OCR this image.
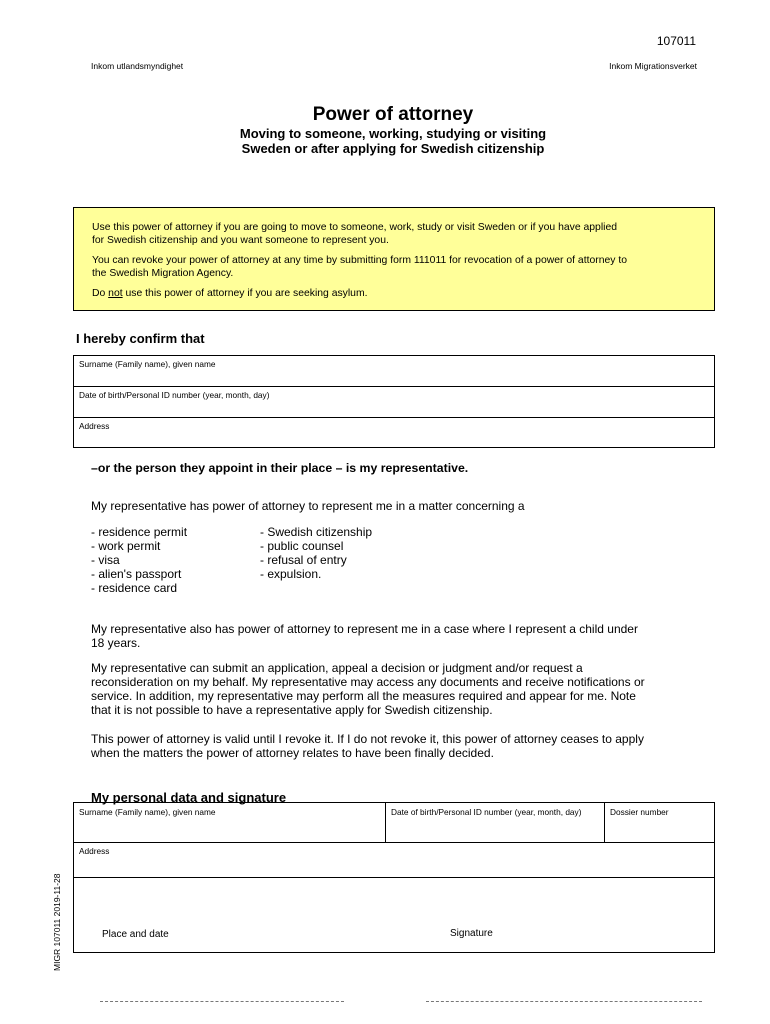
107011
Inkom utlandsmyndighet	Inkom Migrationsverket
Power of attorney
Moving to someone, working, studying or visiting
Sweden or after applying for Swedish citizenship

Use this power of attorney if you are going to move to someone, work, study or visit Sweden or if you have applied
for Swedish citizenship and you want someone to represent you.

You can revoke your power of attorney at any time by submitting form 111011 for revocation of a power of attorney to
the Swedish Migration Agency.

Do not use this power of attorney if you are seeking asylum.

I hereby confirm that
Surname (Family name), given name
Date of birth/Personal ID number (year, month, day)
Address
–or the person they appoint in their place – is my representative.
My representative has power of attorney to represent me in a matter concerning a
- residence permit
- work permit
- visa
- alien's passport
- residence card
- Swedish citizenship
- public counsel
- refusal of entry
- expulsion.
My representative also has power of attorney to represent me in a case where I represent a child under
18 years.
My representative can submit an application, appeal a decision or judgment and/or request a
reconsideration on my behalf. My representative may access any documents and receive notifications or
service. In addition, my representative may perform all the measures required and appear for me. Note
that it is not possible to have a representative apply for Swedish citizenship.
This power of attorney is valid until I revoke it. If I do not revoke it, this power of attorney ceases to apply
when the matters the power of attorney relates to have been finally decided.
My personal data and signature
Surname (Family name), given name	Date of birth/Personal ID number (year, month, day)	Dossier number
Address
Place and date	Signature
MIGR 107011 2019-11-28
